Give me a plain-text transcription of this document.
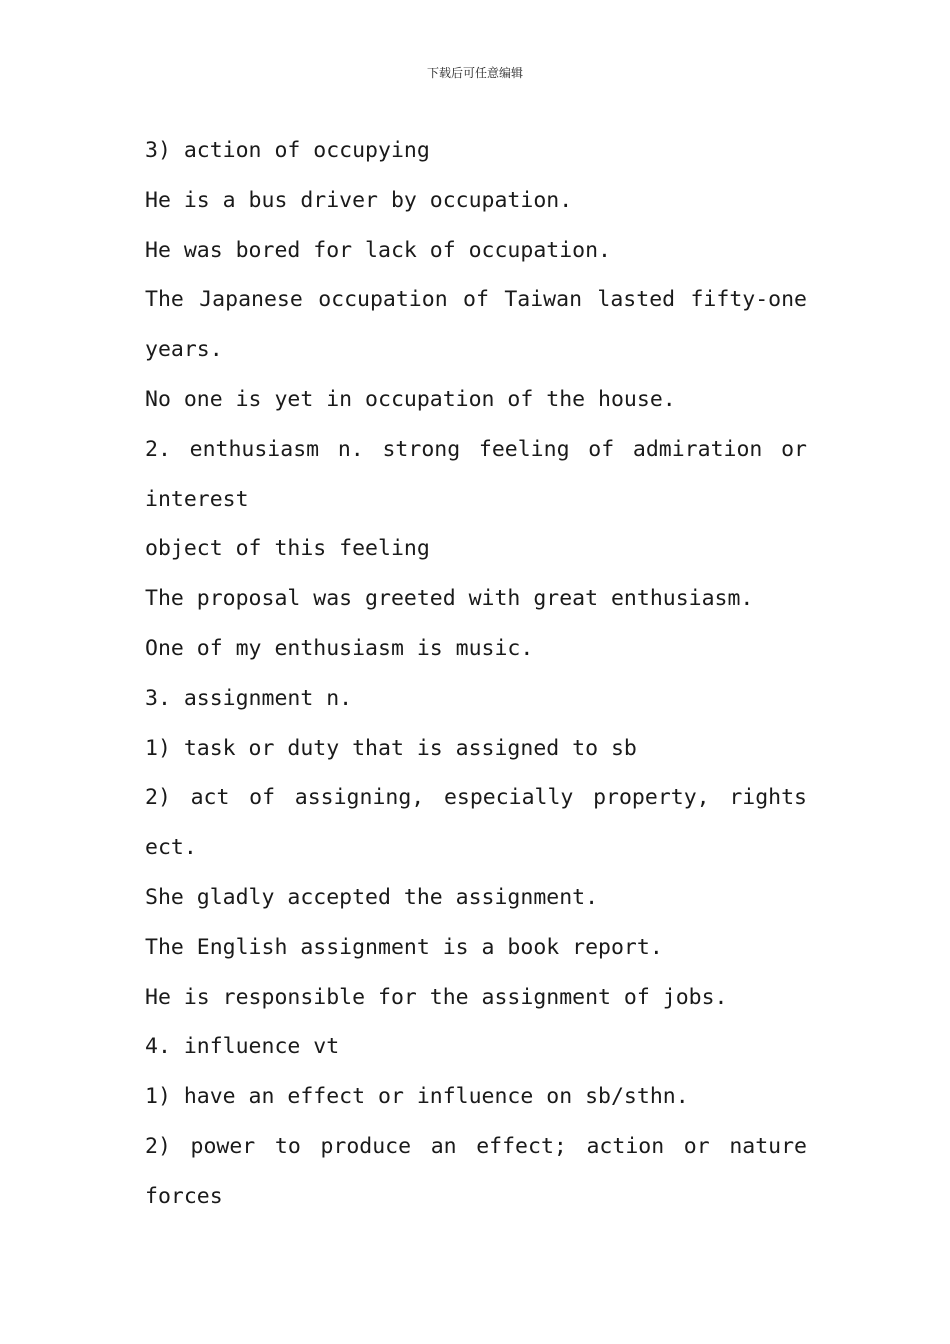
下载后可任意编辑
3) action of occupying
He is a bus driver by occupation.
He was bored for lack of occupation.
The Japanese occupation of Taiwan lasted fifty-one
years.
No one is yet in occupation of the house.
2. enthusiasm n. strong feeling of admiration or
interest
object of this feeling
The proposal was greeted with great enthusiasm.
One of my enthusiasm is music.
3. assignment n.
1) task or duty that is assigned to sb
2) act of assigning, especially property, rights
ect.
She gladly accepted the assignment.
The English assignment is a book report.
He is responsible for the assignment of jobs.
4. influence vt
1) have an effect or influence on sb/sthn.
2) power to produce an effect; action or nature
forces
